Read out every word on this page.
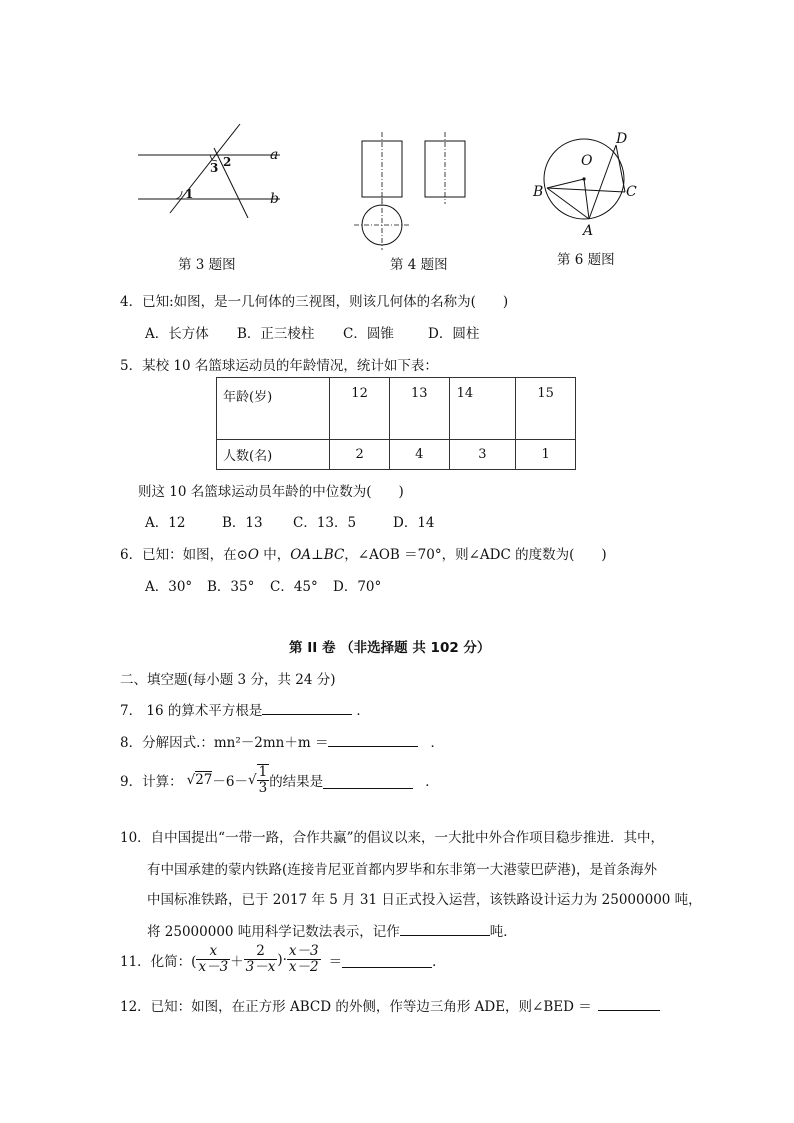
a
b
1
2
3
第 3 题图	第 4 题图
O
B	C
D
A
第 6 题图
4．已知:如图，是一几何体的三视图，则该几何体的名称为(　　)
A．长方体 B．正三棱柱 C．圆锥	D．圆柱
5．某校 10 名篮球运动员的年龄情况，统计如下表：
年龄(岁)	12	13	14	15
人数(名)	2	4	3	1
则这 10 名篮球运动员年龄的中位数为(　　)
A．12	B．13 C．13．5	D．14
6．已知：如图，在⊙O 中，OA⊥BC，∠AOB ＝70°，则∠ADC 的度数为(　　)
A．30° B．35° C．45° D．70°
第 II 卷 （非选择题 共 102 分）
二、填空题(每小题 3 分，共 24 分)
7． 16 的算术平方根是	．
8．分解因式.：mn²－2mn＋m ＝	．
9．计算： √27 －6－ √ $\frac{1}{3}$ 的结果是	．
10．自中国提出“一带一路，合作共赢”的倡议以来，一大批中外合作项目稳步推进．其中，
有中国承建的蒙内铁路(连接肯尼亚首都内罗毕和东非第一大港蒙巴萨港)，是首条海外
中国标准铁路，已于 2017 年 5 月 31 日正式投入运营，该铁路设计运力为 25000000 吨，
将 25000000 吨用科学记数法表示，记作	吨．
11．化简：( $\frac{x}{x-3} + \frac{2}{3-x}$ )· $\frac{x-3}{x-2}$ ＝	．
12．已知：如图，在正方形 ABCD 的外侧，作等边三角形 ADE，则∠BED ＝
